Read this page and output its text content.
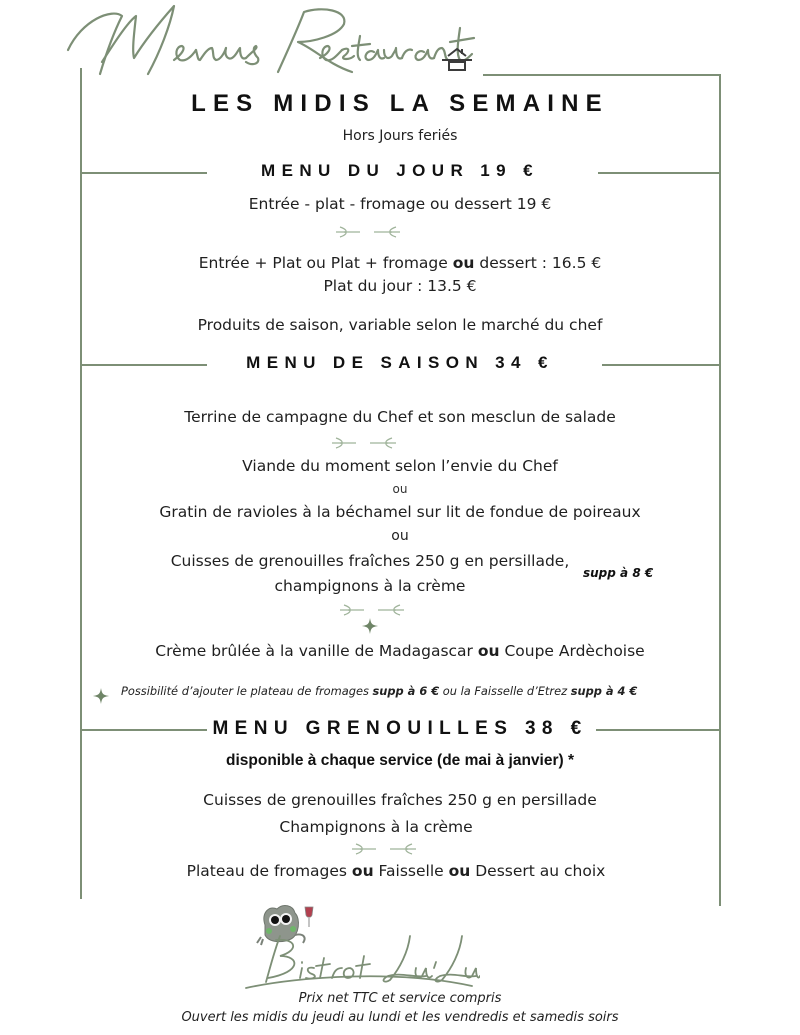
LES MIDIS LA SEMAINE
Hors Jours feriés
MENU DU JOUR 19 €
Entrée - plat - fromage ou dessert 19 €
Entrée + Plat ou Plat + fromage ou dessert : 16.5 €
Plat du jour : 13.5 €
Produits de saison, variable selon le marché du chef
MENU DE SAISON 34 €
Terrine de campagne du Chef et son mesclun de salade
Viande du moment selon l’envie du Chef
ou
Gratin de ravioles à la béchamel sur lit de fondue de poireaux
ou
Cuisses de grenouilles fraîches 250 g en persillade,
champignons à la crème
supp à 8 €
Crème brûlée à la vanille de Madagascar ou Coupe Ardèchoise
Possibilité d’ajouter le plateau de fromages supp à 6 € ou la Faisselle d’Etrez supp à 4 €
MENU GRENOUILLES 38 €
disponible à chaque service (de mai à janvier) *
Cuisses de grenouilles fraîches 250 g en persillade
Champignons à la crème
Plateau de fromages ou Faisselle ou Dessert au choix
Prix net TTC et service compris
Ouvert les midis du jeudi au lundi et les vendredis et samedis soirs
